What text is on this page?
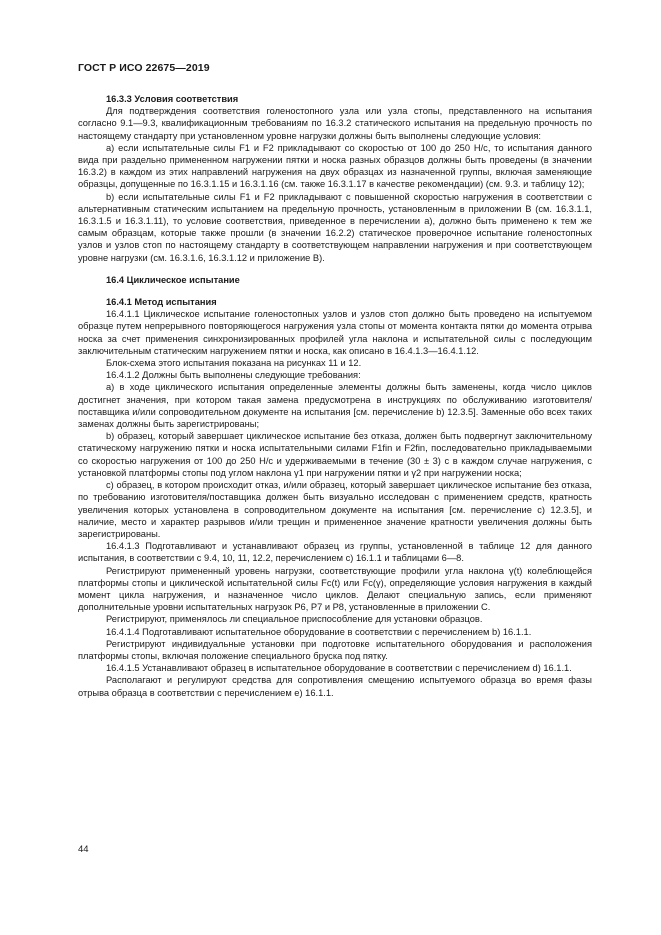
ГОСТ Р ИСО 22675—2019

16.3.3 Условия соответствия

Для подтверждения соответствия голеностопного узла или узла стопы, представленного на испытания согласно 9.1—9.3, квалификационным требованиям по 16.3.2 статического испытания на предельную прочность по настоящему стандарту при установленном уровне нагрузки должны быть выполнены следующие условия:

а) если испытательные силы F1 и F2 прикладывают со скоростью от 100 до 250 Н/с, то испытания данного вида при раздельно примененном нагружении пятки и носка разных образцов должны быть проведены (в значении 16.3.2) в каждом из этих направлений нагружения на двух образцах из назначенной группы, включая заменяющие образцы, допущенные по 16.3.1.15 и 16.3.1.16 (см. также 16.3.1.17 в качестве рекомендации) (см. 9.3. и таблицу 12);

b) если испытательные силы F1 и F2 прикладывают с повышенной скоростью нагружения в соответствии с альтернативным статическим испытанием на предельную прочность, установленным в приложении В (см. 16.3.1.1, 16.3.1.5 и 16.3.1.11), то условие соответствия, приведенное в перечислении а), должно быть применено к тем же самым образцам, которые также прошли (в значении 16.2.2) статическое проверочное испытание голеностопных узлов и узлов стоп по настоящему стандарту в соответствующем направлении нагружения и при соответствующем уровне нагрузки (см. 16.3.1.6, 16.3.1.12 и приложение В).

16.4 Циклическое испытание

16.4.1 Метод испытания

16.4.1.1 Циклическое испытание голеностопных узлов и узлов стоп должно быть проведено на испытуемом образце путем непрерывного повторяющегося нагружения узла стопы от момента контакта пятки до момента отрыва носка за счет применения синхронизированных профилей угла наклона и испытательной силы с последующим заключительным статическим нагружением пятки и носка, как описано в 16.4.1.3—16.4.1.12.

Блок-схема этого испытания показана на рисунках 11 и 12.

16.4.1.2 Должны быть выполнены следующие требования:

а) в ходе циклического испытания определенные элементы должны быть заменены, когда число циклов достигнет значения, при котором такая замена предусмотрена в инструкциях по обслуживанию изготовителя/поставщика и/или сопроводительном документе на испытания [см. перечисление b) 12.3.5]. Заменные обо всех таких заменах должны быть зарегистрированы;

b) образец, который завершает циклическое испытание без отказа, должен быть подвергнут заключительному статическому нагружению пятки и носка испытательными силами F1fin и F2fin, последовательно прикладываемыми со скоростью нагружения от 100 до 250 Н/с и удерживаемыми в течение (30 ± 3) с в каждом случае нагружения, с установкой платформы стопы под углом наклона γ1 при нагружении пятки и γ2 при нагружении носка;

с) образец, в котором происходит отказ, и/или образец, который завершает циклическое испытание без отказа, по требованию изготовителя/поставщика должен быть визуально исследован с применением средств, кратность увеличения которых установлена в сопроводительном документе на испытания [см. перечисление с) 12.3.5], и наличие, место и характер разрывов и/или трещин и примененное значение кратности увеличения должны быть зарегистрированы.

16.4.1.3 Подготавливают и устанавливают образец из группы, установленной в таблице 12 для данного испытания, в соответствии с 9.4, 10, 11, 12.2, перечислением с) 16.1.1 и таблицами 6—8.

Регистрируют примененный уровень нагрузки, соответствующие профили угла наклона γ(t) колеблющейся платформы стопы и циклической испытательной силы Fc(t) или Fc(γ), определяющие условия нагружения в каждый момент цикла нагружения, и назначенное число циклов. Делают специальную запись, если применяют дополнительные уровни испытательных нагрузок Р6, Р7 и Р8, установленные в приложении С.

Регистрируют, применялось ли специальное приспособление для установки образцов.

16.4.1.4 Подготавливают испытательное оборудование в соответствии с перечислением b) 16.1.1.

Регистрируют индивидуальные установки при подготовке испытательного оборудования и расположения платформы стопы, включая положение специального бруска под пятку.

16.4.1.5 Устанавливают образец в испытательное оборудование в соответствии с перечислением d) 16.1.1.

Располагают и регулируют средства для сопротивления смещению испытуемого образца во время фазы отрыва образца в соответствии с перечислением е) 16.1.1.

44
